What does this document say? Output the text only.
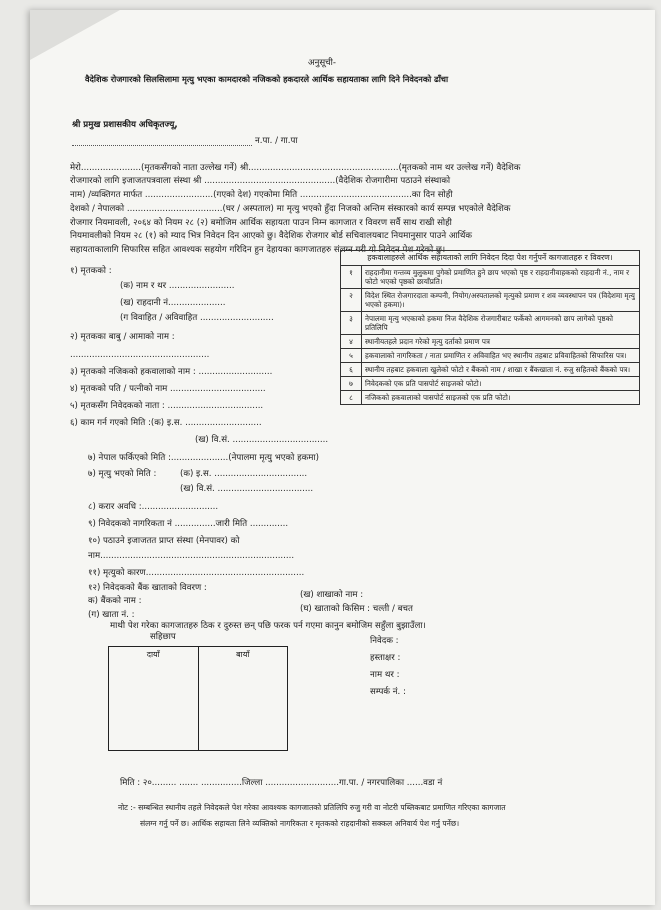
अनुसूची-
वैदेशिक रोजगारको सिलसिलामा मृत्यु भएका कामदारको नजिकको हकदारले आर्थिक सहायताका लागि दिने निवेदनको ढाँचा
श्री प्रमुख प्रशासकीय अधिकृतज्यू,
न.पा. / गा.पा
मेरो......................(मृतकसँगको नाता उल्लेख गर्ने) श्री.......................................................(मृतकको नाम थर उल्लेख गर्ने) वैदेशिक
रोजगारको लागि इजाजतपत्रवाला संस्था श्री ................................................(वैदेशिक रोजगारीमा पठाउने संस्थाको
नाम) /व्यक्तिगत मार्फत .........................(गएको देश) गएकोमा मिति .........................................का दिन सोही
देशको / नेपालको ...................................(घर / अस्पताल) मा मृत्यु भएको हुँदा निजको अन्तिम संस्कारको कार्य सम्पन्न भएकोले वैदेशिक
रोजगार नियमावली, २०६४ को नियम २८ (२) बमोजिम आर्थिक सहायता पाउन निम्न कागजात र विवरण सर्वै साथ राखी सोही
नियमावलीको नियम २८ (१) को म्याद भित्र निवेदन दिन आएको छु। वैदेशिक रोजगार बोर्ड सचिवालयबाट नियमानुसार पाउने आर्थिक
सहायताकालागि सिफारिस सहित आवश्यक सहयोग गरिदिन हुन देहायका कागजातहरु संलग्न गरी यो निवेदन पेश गरेको छु।
१) मृतकको :
(क) नाम र थर ........................
(ख) राहदानी नं.....................
(ग विवाहित / अविवाहित ...........................
२) मृतकका बाबु / आमाको नाम :
...................................................
३) मृतकको नजिकको हकवालाको नाम : ...........................
४) मृतकको पति / पत्नीको नाम ...................................
५) मृतकसँग निवेदकको नाता : ...................................
६) काम गर्न गएको मिति :(क) इ.स. ............................
(ख) वि.सं. ...................................
७) नेपाल फर्किएको मिति :.....................(नेपालमा मृत्यु भएको हकमा)
७) मृत्यु भएको मिति :	(क) इ.स. ..................................
(ख) वि.सं. ...................................
८) करार अवधि :............................
९) निवेदकको नागरिकता नं ...............जारी मिति ..............
१०) पठाउने इजाजतत प्राप्त संस्था (मेनपावर) को
नाम.......................................................................
११) मृत्युको कारण..........................................................
१२) निवेदकको बैंक खाताको विवरण :
क) बैंकको नाम :
(ख) शाखाको नाम :
(ग) खाता नं. :
(घ) खाताको किसिम : चल्ती / बचत
हकवालाहरुले आर्थिक सहायताको लागि निवेदन दिदा पेश गर्नुपर्ने कागजातहरु र विवरण।	
१	राहदानीमा गन्तव्य मुलुकमा पुगेको प्रमाणित हुने छाप भएको पृष्ठ र राहदानीवाहकको राहदानी नं., नाम र फोटो भएको पृष्ठको छायाँप्रति।
२	विदेश स्थित रोजगारदाता कम्पनी, नियोग/अस्पतालको मृत्युको प्रमाण र शव व्यवस्थापन पत्र (विदेशमा मृत्यु भएको हकमा)।
३	नेपालमा मृत्यु भएकाको हकमा निज वैदेशिक रोजगारीबाट फर्केको आगमनको छाप लागेको पृष्ठको प्रतिलिपि
४	स्थानीयतहले प्रदान गरेको मृत्यु दर्ताको प्रमाण पत्र
५	हकवालाको नागरिकता / नाता प्रमाणित र अविवाहित भए स्थानीय तहबाट प्रविवाहितको सिफारिस पत्र।
६	स्थानीय तहबाट हकवाला खुलेको फोटो र बैंकको नाम / शाखा र बैंकखाता नं. रुजु सहितको बैंकको पत्र।
७	निवेदकको एक प्रति पासपोर्ट साइजको फोटो।
८	नजिकको हकवालाको पासपोर्ट साइजको एक प्रति फोटो।
माथी पेश गरेका कागजातहरु ठिक र दुरुस्त छन् पछि फरक पर्न गएमा कानुन बमोजिम सहुँला बुझाउँला।
सहिछाप
दायाँ	बायाँ
निवेदक :
हस्ताक्षर :
नाम थर :
सम्पर्क नं. :
मिति : २०......... ....... ...............जिल्ला ...........................गा.पा. / नगरपालिका ......वडा नं
नोट :- सम्बन्धित स्थानीय तहले निवेदकले पेश गरेका आवश्यक कागजातको प्रतिलिपि रुजु गरी वा नोटरी पब्लिकबाट प्रमाणित गरिएका कागजात
संलग्न गर्नु पर्ने छ। आर्थिक सहायता लिने व्यक्तिको नागरिकता र मृतकको राहदानीको सक्कल अनिवार्य पेश गर्नु पर्नेछ।
